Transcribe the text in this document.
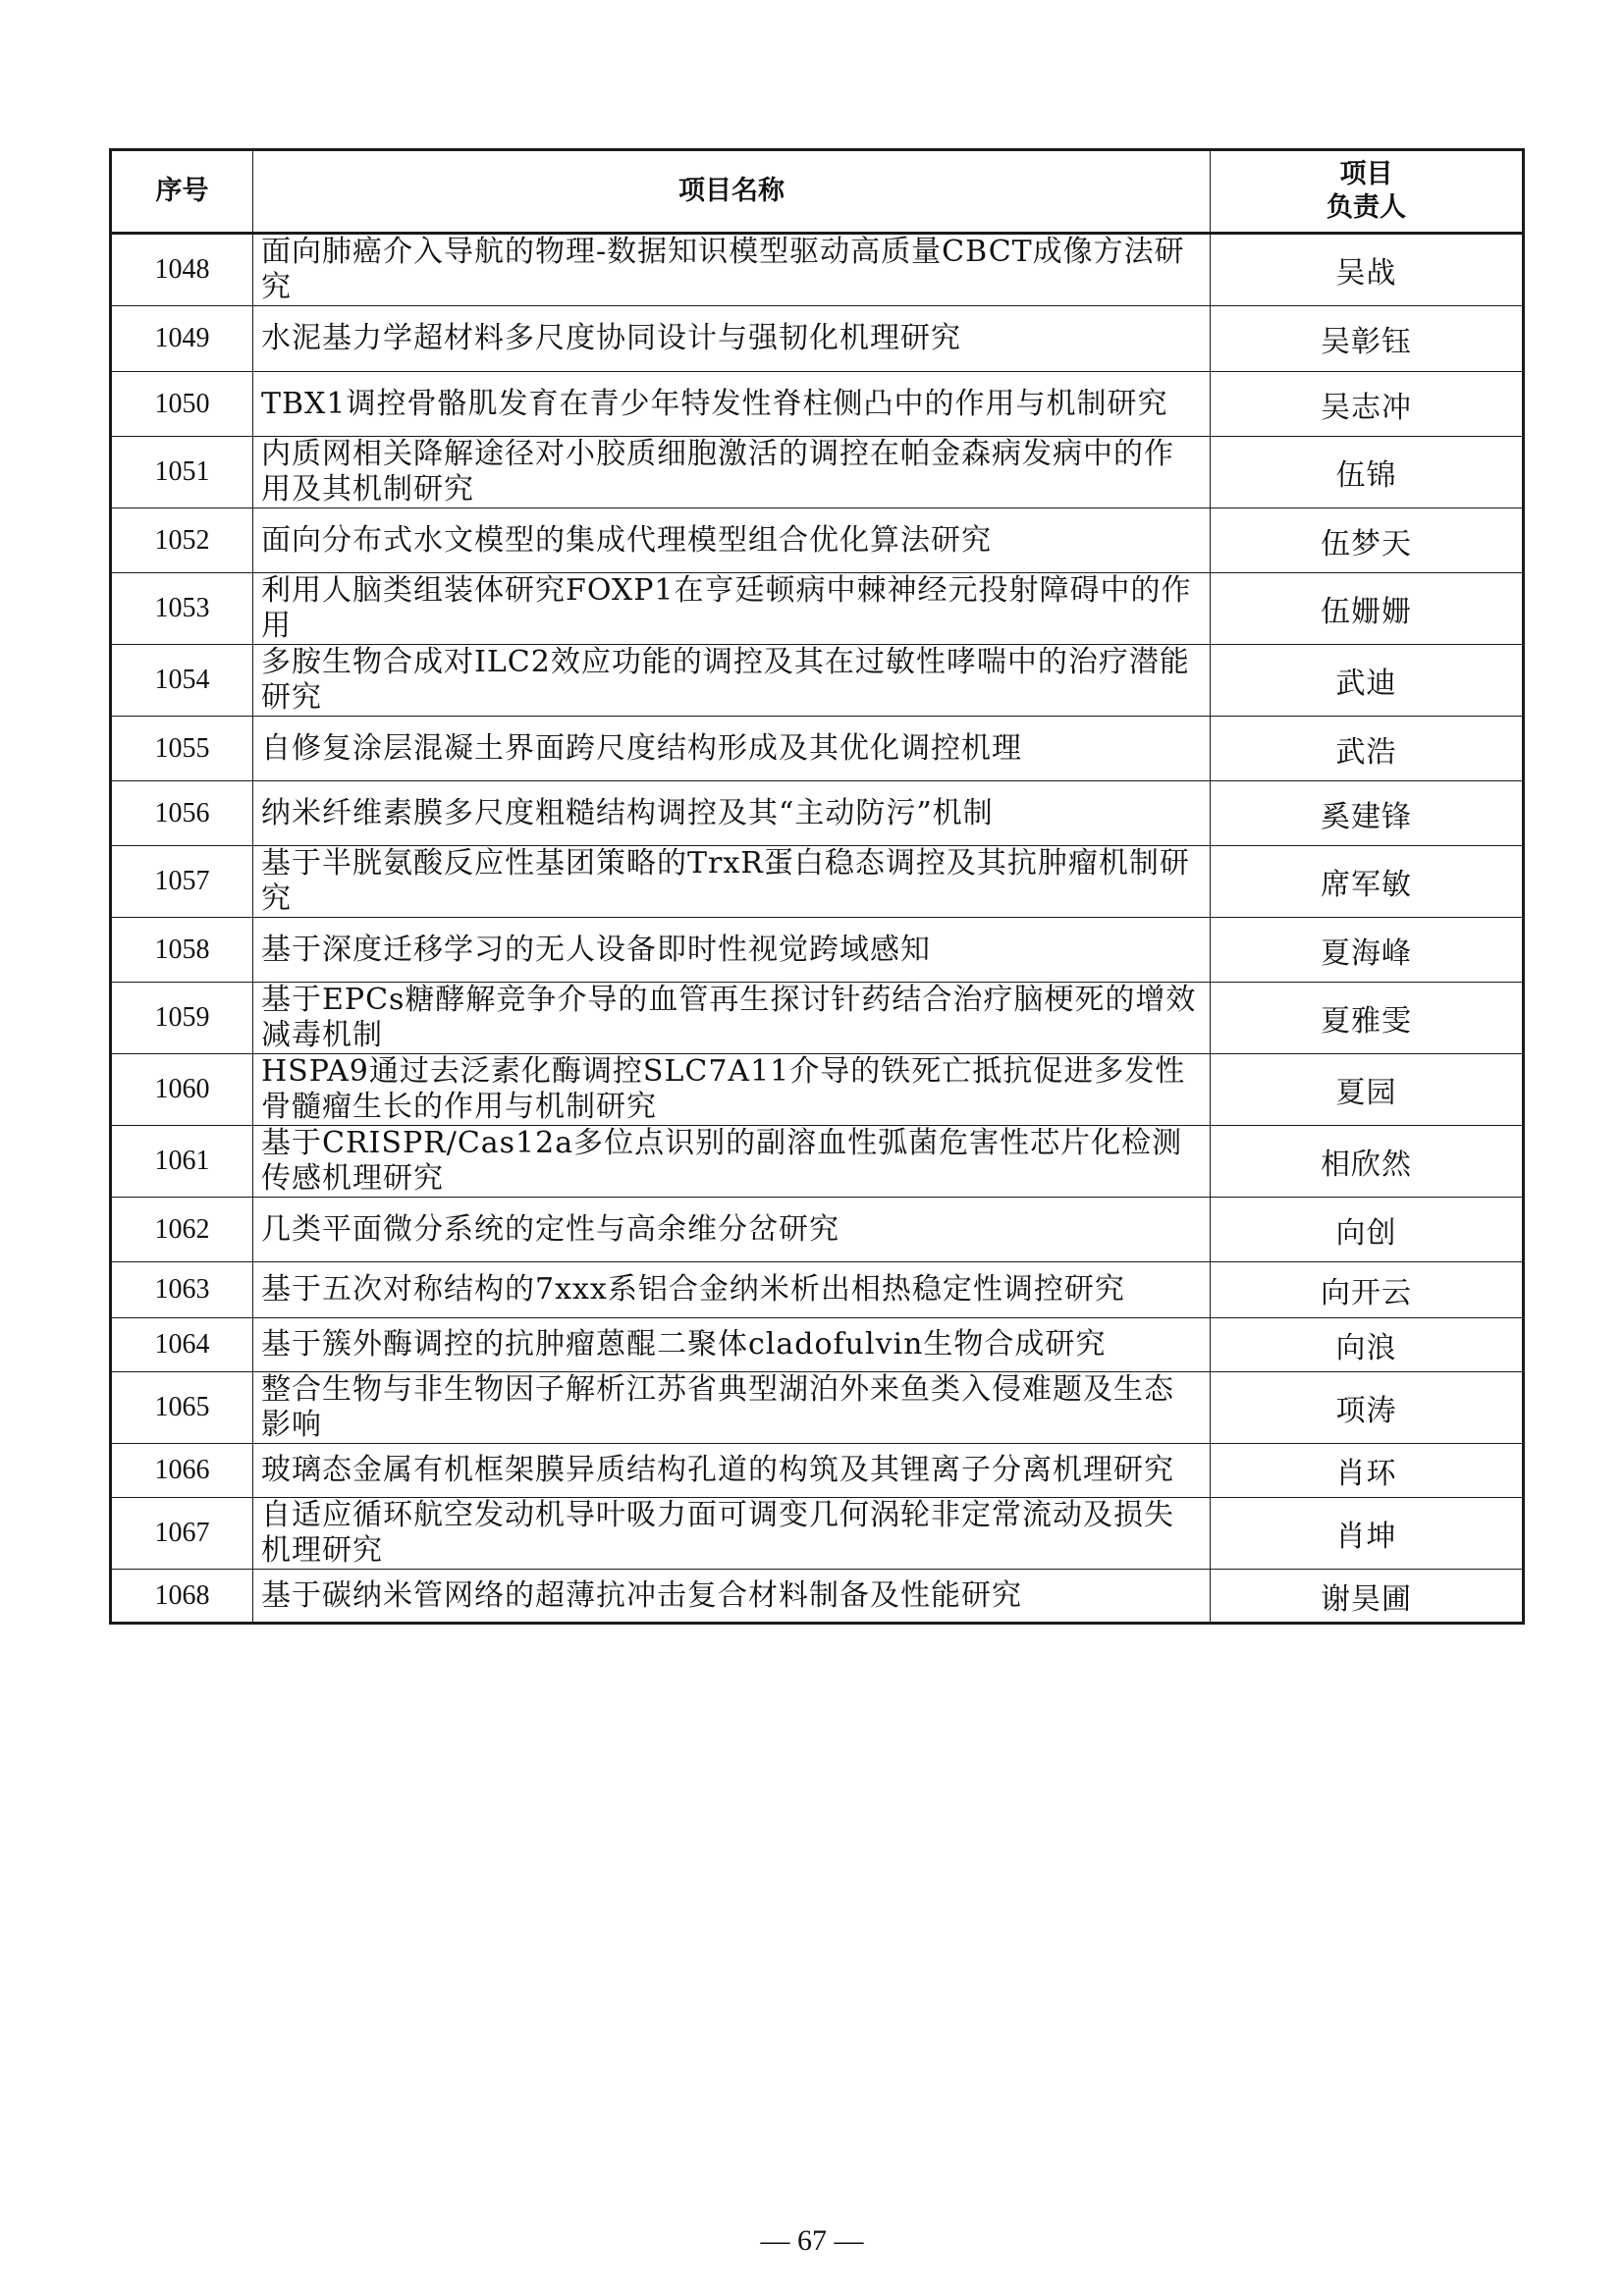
序号	项目名称	项目
负责人
1048	面向肺癌介入导航的物理-数据知识模型驱动高质量CBCT成像方法研究	吴战
1049	水泥基力学超材料多尺度协同设计与强韧化机理研究	吴彰钰
1050	TBX1调控骨骼肌发育在青少年特发性脊柱侧凸中的作用与机制研究	吴志冲
1051	内质网相关降解途径对小胶质细胞激活的调控在帕金森病发病中的作用及其机制研究	伍锦
1052	面向分布式水文模型的集成代理模型组合优化算法研究	伍梦天
1053	利用人脑类组装体研究FOXP1在亨廷顿病中棘神经元投射障碍中的作用	伍姗姗
1054	多胺生物合成对ILC2效应功能的调控及其在过敏性哮喘中的治疗潜能研究	武迪
1055	自修复涂层混凝土界面跨尺度结构形成及其优化调控机理	武浩
1056	纳米纤维素膜多尺度粗糙结构调控及其“主动防污”机制	奚建锋
1057	基于半胱氨酸反应性基团策略的TrxR蛋白稳态调控及其抗肿瘤机制研究	席军敏
1058	基于深度迁移学习的无人设备即时性视觉跨域感知	夏海峰
1059	基于EPCs糖酵解竞争介导的血管再生探讨针药结合治疗脑梗死的增效减毒机制	夏雅雯
1060	HSPA9通过去泛素化酶调控SLC7A11介导的铁死亡抵抗促进多发性骨髓瘤生长的作用与机制研究	夏园
1061	基于CRISPR/Cas12a多位点识别的副溶血性弧菌危害性芯片化检测传感机理研究	相欣然
1062	几类平面微分系统的定性与高余维分岔研究	向创
1063	基于五次对称结构的7xxx系铝合金纳米析出相热稳定性调控研究	向开云
1064	基于簇外酶调控的抗肿瘤蒽醌二聚体cladofulvin生物合成研究	向浪
1065	整合生物与非生物因子解析江苏省典型湖泊外来鱼类入侵难题及生态影响	项涛
1066	玻璃态金属有机框架膜异质结构孔道的构筑及其锂离子分离机理研究	肖环
1067	自适应循环航空发动机导叶吸力面可调变几何涡轮非定常流动及损失机理研究	肖坤
1068	基于碳纳米管网络的超薄抗冲击复合材料制备及性能研究	谢昊圃
— 67 —
